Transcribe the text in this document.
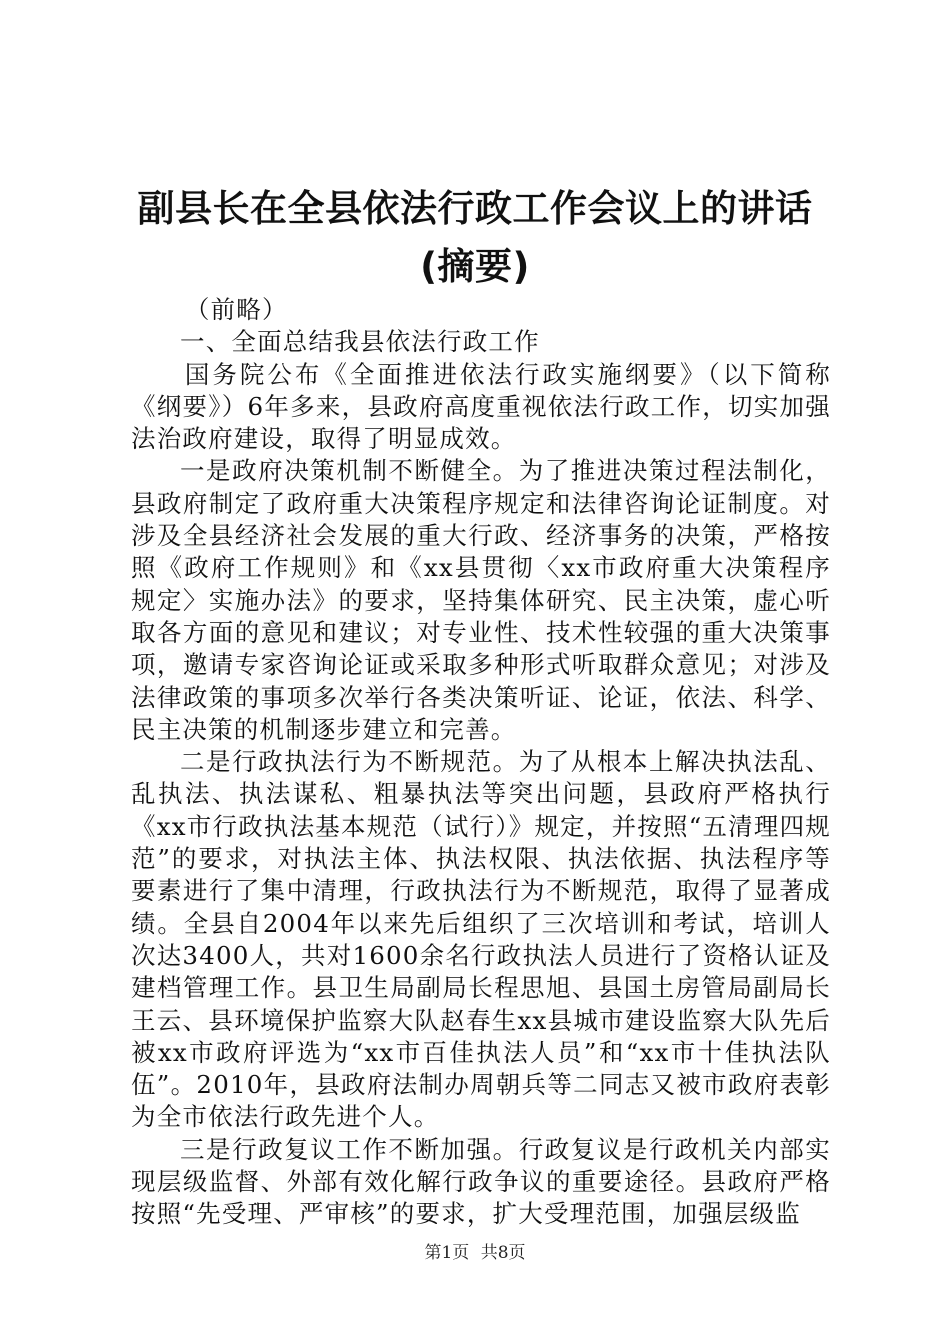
副县长在全县依法行政工作会议上的讲话(摘要)

（前略）

一、全面总结我县依法行政工作

国务院公布《全面推进依法行政实施纲要》（以下简称《纲要》）6年多来，县政府高度重视依法行政工作，切实加强法治政府建设，取得了明显成效。

一是政府决策机制不断健全。为了推进决策过程法制化，县政府制定了政府重大决策程序规定和法律咨询论证制度。对涉及全县经济社会发展的重大行政、经济事务的决策，严格按照《政府工作规则》和《xx县贯彻〈xx市政府重大决策程序规定〉实施办法》的要求，坚持集体研究、民主决策，虚心听取各方面的意见和建议；对专业性、技术性较强的重大决策事项，邀请专家咨询论证或采取多种形式听取群众意见；对涉及法律政策的事项多次举行各类决策听证、论证，依法、科学、民主决策的机制逐步建立和完善。

二是行政执法行为不断规范。为了从根本上解决执法乱、乱执法、执法谋私、粗暴执法等突出问题，县政府严格执行《xx市行政执法基本规范（试行）》规定，并按照“五清理四规范”的要求，对执法主体、执法权限、执法依据、执法程序等要素进行了集中清理，行政执法行为不断规范，取得了显著成绩。全县自2004年以来先后组织了三次培训和考试，培训人次达3400人，共对1600余名行政执法人员进行了资格认证及建档管理工作。县卫生局副局长程思旭、县国土房管局副局长王云、县环境保护监察大队赵春生xx县城市建设监察大队先后被xx市政府评选为“xx市百佳执法人员”和“xx市十佳执法队伍”。2010年，县政府法制办周朝兵等二同志又被市政府表彰为全市依法行政先进个人。

三是行政复议工作不断加强。行政复议是行政机关内部实现层级监督、外部有效化解行政争议的重要途径。县政府严格按照“先受理、严审核”的要求，扩大受理范围，加强层级监

第1页 共8页
